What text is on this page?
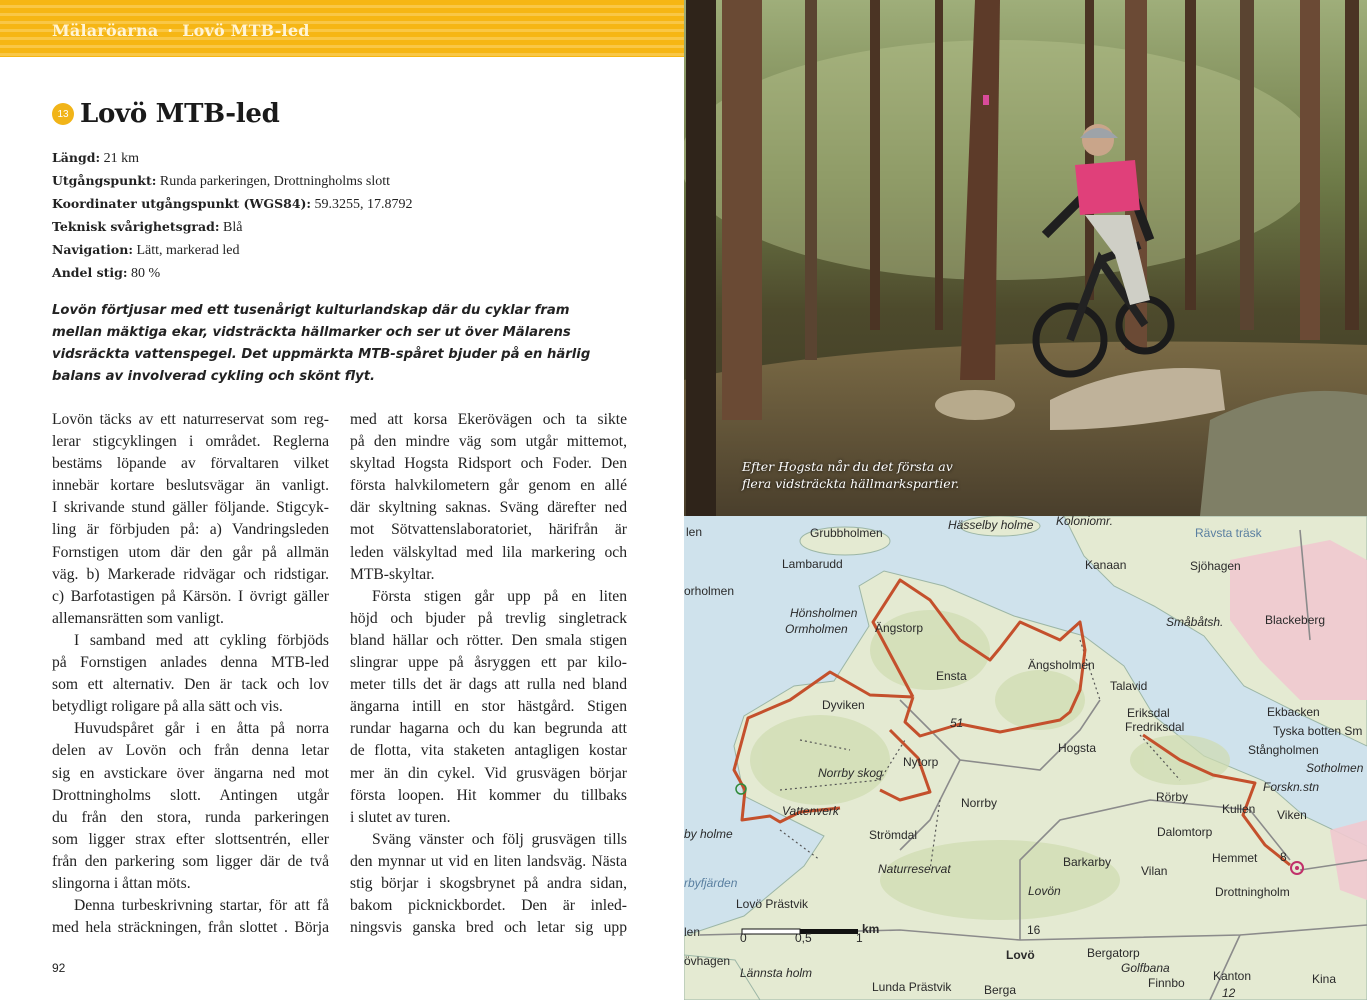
Mälaröarna · Lovö MTB-led
13 Lovö MTB-led
Längd: 21 km
Utgångspunkt: Runda parkeringen, Drottningholms slott
Koordinater utgångspunkt (WGS84): 59.3255, 17.8792
Teknisk svårighetsgrad: Blå
Navigation: Lätt, markerad led
Andel stig: 80 %
Lovön förtjusar med ett tusenårigt kulturlandskap där du cyklar fram mellan mäktiga ekar, vidsträckta hällmarker och ser ut över Mälarens vidsräckta vattenspegel. Det uppmärkta MTB-spåret bjuder på en härlig balans av involverad cykling och skönt flyt.
Lovön täcks av ett naturreservat som reg-
lerar stigcyklingen i området. Reglerna
bestäms löpande av förvaltaren vilket
innebär kortare beslutsvägar än vanligt.
I skrivande stund gäller följande. Stigcyk-
ling är förbjuden på: a) Vandringsleden
Fornstigen utom där den går på allmän
väg. b) Markerade ridvägar och ridstigar.
c) Barfotastigen på Kärsön. I övrigt gäller
allemansrätten som vanligt.
I samband med att cykling förbjöds
på Fornstigen anlades denna MTB-led
som ett alternativ. Den är tack och lov
betydligt roligare på alla sätt och vis.
Huvudspåret går i en åtta på norra
delen av Lovön och från denna letar
sig en avstickare över ängarna ned mot
Drottningholms slott. Antingen utgår
du från den stora, runda parkeringen
som ligger strax efter slottsentrén, eller
från den parkering som ligger där de två
slingorna i åttan möts.
Denna turbeskrivning startar, för att få
med hela sträckningen, från slottet . Börja
med att korsa Ekerövägen och ta sikte
på den mindre väg som utgår mittemot,
skyltad Hogsta Ridsport och Foder. Den
första halvkilometern går genom en allé
där skyltning saknas. Sväng därefter ned
mot Sötvattenslaboratoriet, härifrån är
leden välskyltad med lila markering och
MTB-skyltar.
Första stigen går upp på en liten
höjd och bjuder på trevlig singletrack
bland hällar och rötter. Den smala stigen
slingrar uppe på åsryggen ett par kilo-
meter tills det är dags att rulla ned bland
ängarna intill en stor hästgård. Stigen
rundar hagarna och du kan begrunda att
de flotta, vita staketen antagligen kostar
mer än din cykel. Vid grusvägen börjar
första loopen. Hit kommer du tillbaks
i slutet av turen.
Sväng vänster och följ grusvägen tills
den mynnar ut vid en liten landsväg. Nästa
stig börjar i skogsbrynet på andra sidan,
bakom picknickbordet. Den är inled-
ningsvis ganska bred och letar sig upp
92
Efter Hogsta når du det första av
flera vidsträckta hällmarkspartier.
len	Grubbholmen
Hässelby holme Koloniomr.
Lambarudd	Kanaan	Sjöhagen
Rävsta träsk
orholmen
Hönsholmen
Ormholmen Ängstorp	Småbåtsh.	Blackeberg
Ängsholmen
Ensta
Talavid
Dyviken
Eriksdal
Fredriksdal
Ekbacken
Tyska botten Sm
51
Hogsta	Stångholmen
Sotholmen
Norrby skog
Nytorp
Forskn.stn
Rörby
Norrby	Kullen Viken
Vattenverk
by holme	Strömdal	Dalomtorp
Hemmet
Naturreservat	Barkarby
Lovön
Vilan
Drottningholm
rbyfjärden
Lovö Prästvik
len	16
Lovö	Bergatorp
Golfbana
övhagen
Lännsta holm	Kanton	Kina
Finnbo
Lunda Prästvik	Berga
8
12
0	0,5	1
km
